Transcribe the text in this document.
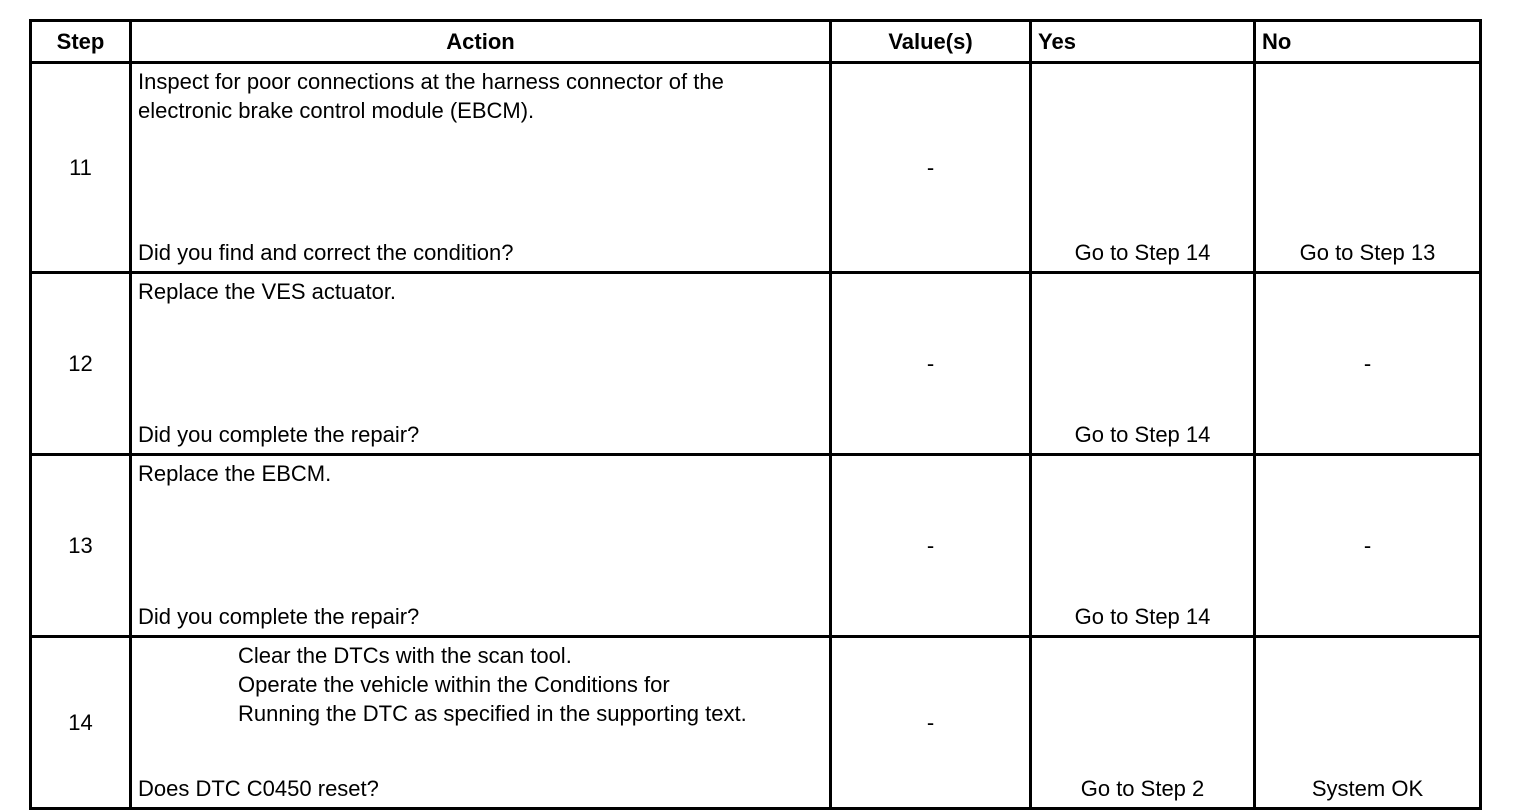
Step	Action	Value(s)	Yes	No
11	Inspect for poor connections at the harness connector of the
electronic brake control module (EBCM).
Did you find and correct the condition?	-	Go to Step 14	Go to Step 13
12	Replace the VES actuator.
Did you complete the repair?	-	Go to Step 14	-
13	Replace the EBCM.
Did you complete the repair?	-	Go to Step 14	-
14	Clear the DTCs with the scan tool.
Operate the vehicle within the Conditions for
Running the DTC as specified in the supporting text.
Does DTC C0450 reset?	-	Go to Step 2	System OK
